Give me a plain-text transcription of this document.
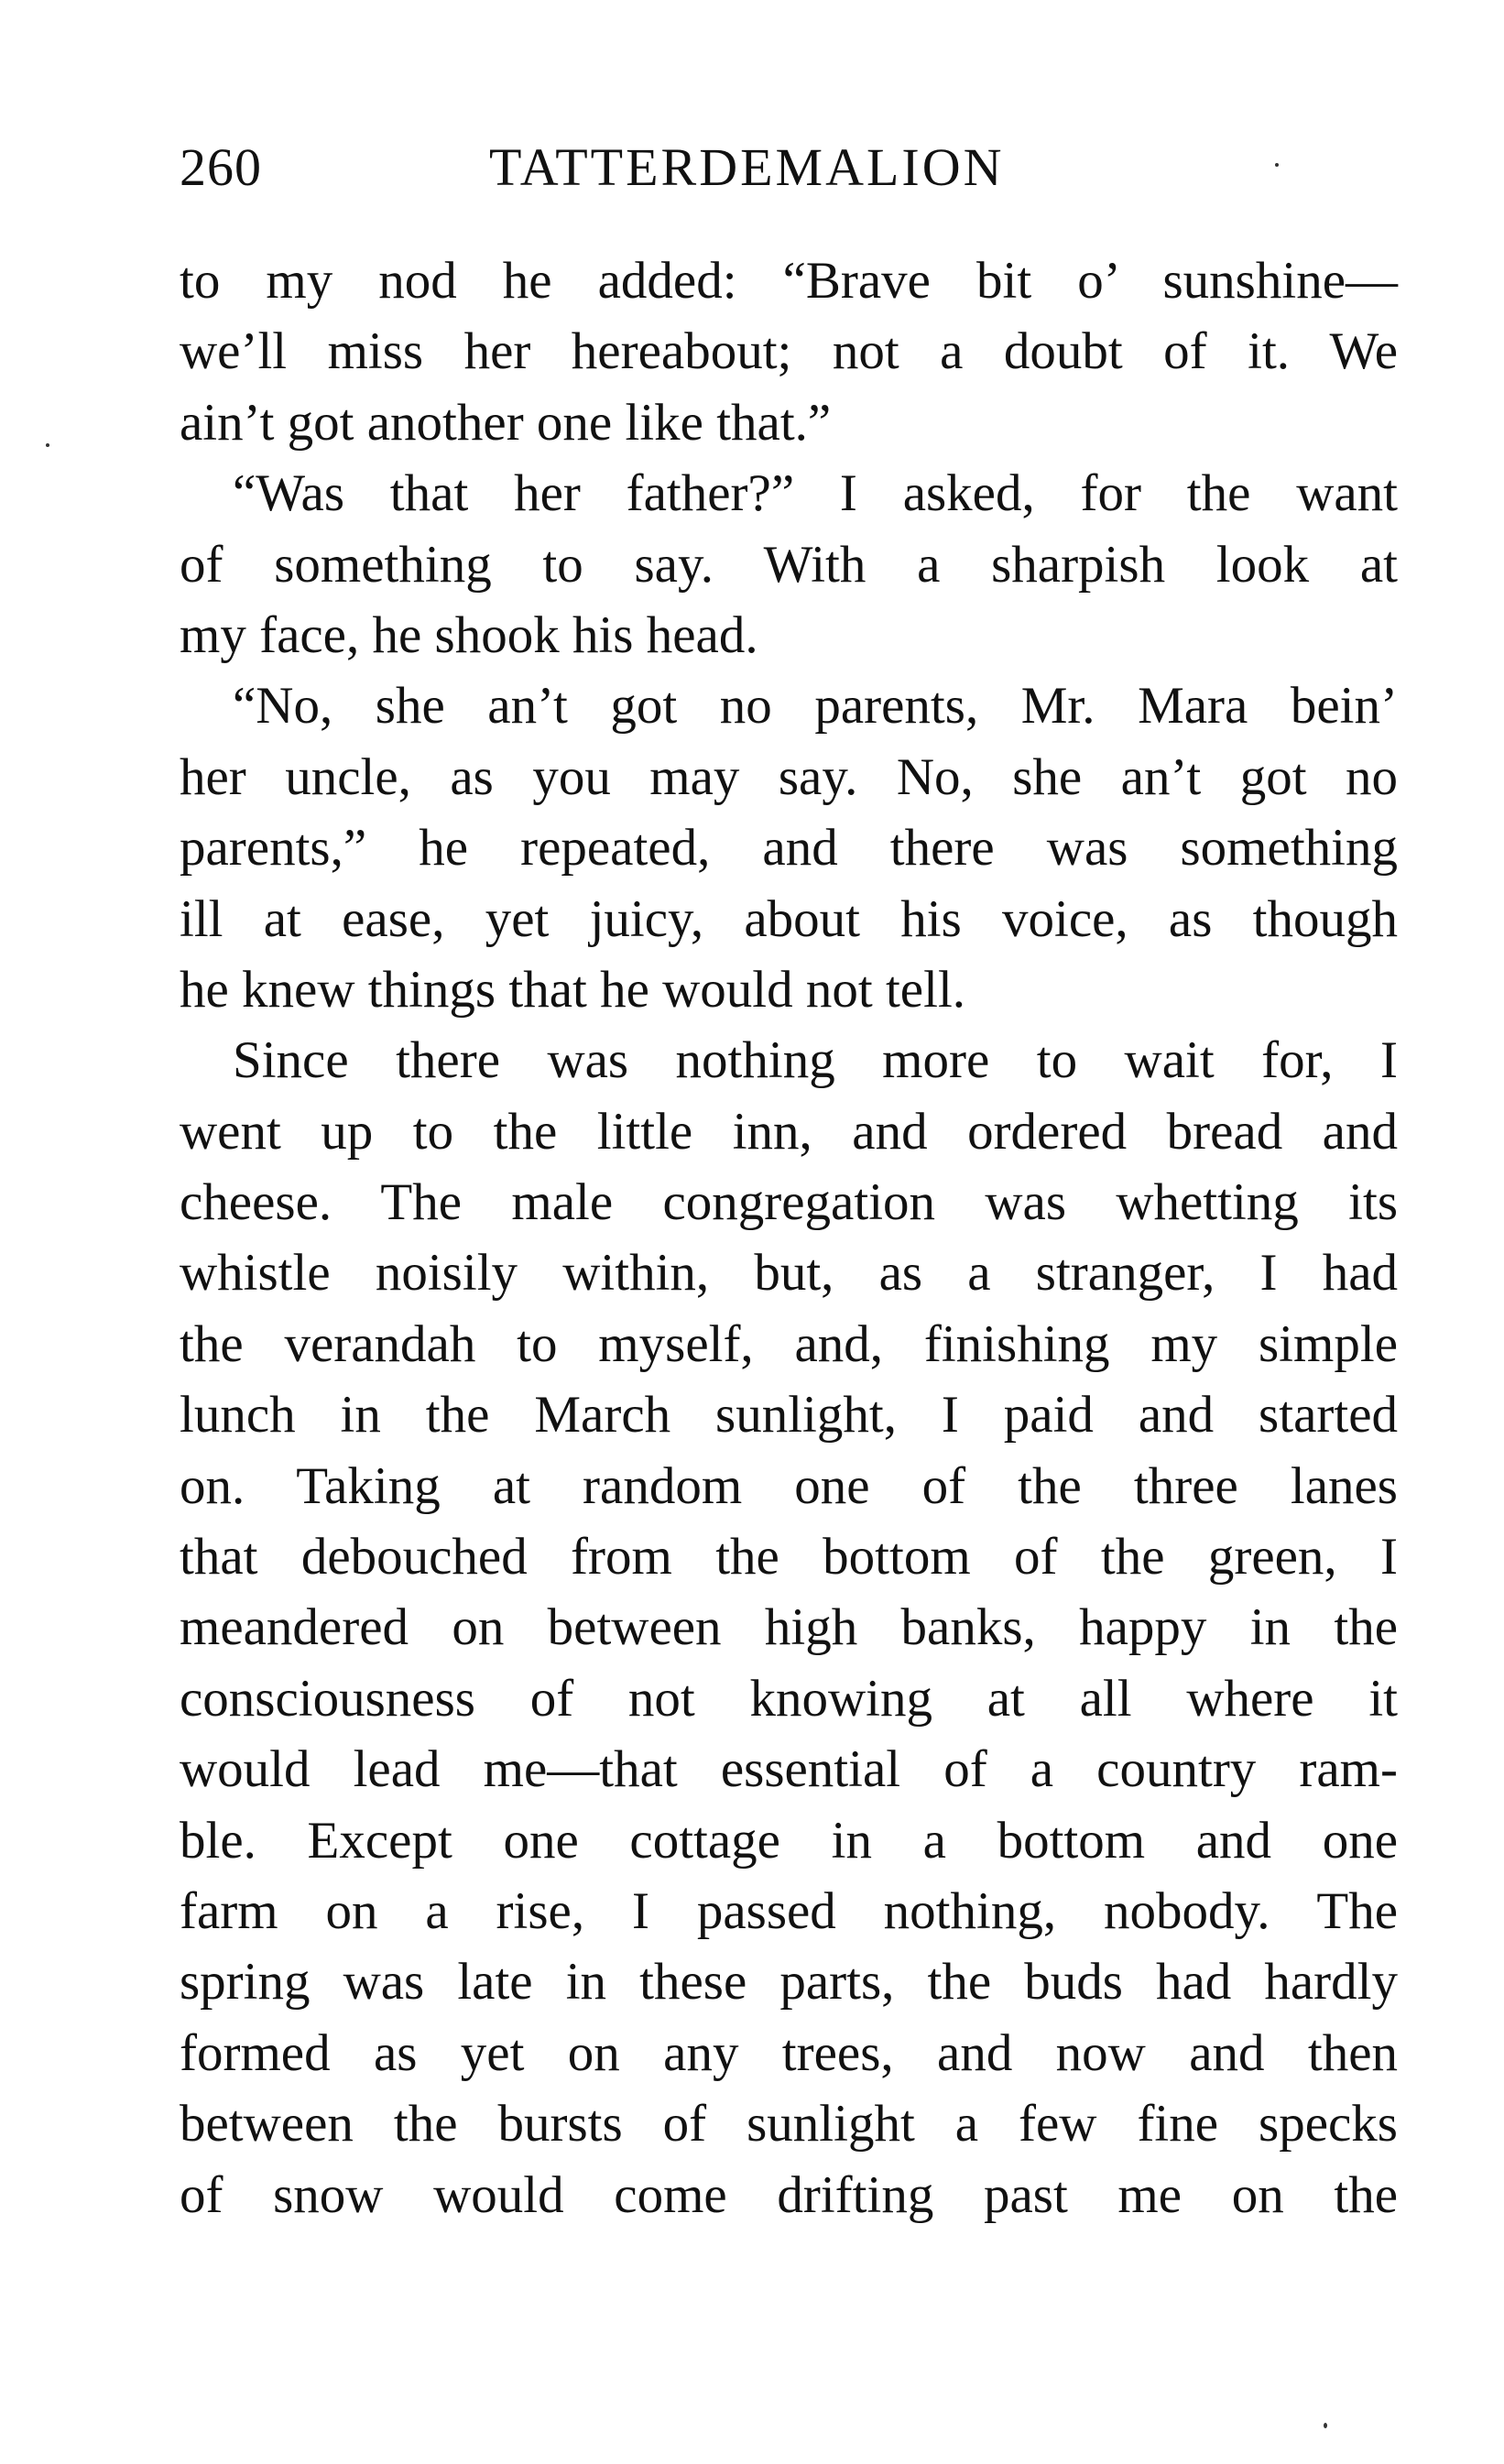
260	TATTERDEMALION
to my nod he added: “Brave bit o’ sunshine—
we’ll miss her hereabout; not a doubt of it. We
ain’t got another one like that.”
“Was that her father?” I asked, for the want
of something to say. With a sharpish look at
my face, he shook his head.
“No, she an’t got no parents, Mr. Mara bein’
her uncle, as you may say. No, she an’t got no
parents,” he repeated, and there was something
ill at ease, yet juicy, about his voice, as though
he knew things that he would not tell.
Since there was nothing more to wait for, I
went up to the little inn, and ordered bread and
cheese. The male congregation was whetting its
whistle noisily within, but, as a stranger, I had
the verandah to myself, and, finishing my simple
lunch in the March sunlight, I paid and started
on. Taking at random one of the three lanes
that debouched from the bottom of the green, I
meandered on between high banks, happy in the
consciousness of not knowing at all where it
would lead me—that essential of a country ram-
ble. Except one cottage in a bottom and one
farm on a rise, I passed nothing, nobody. The
spring was late in these parts, the buds had hardly
formed as yet on any trees, and now and then
between the bursts of sunlight a few fine specks
of snow would come drifting past me on the
